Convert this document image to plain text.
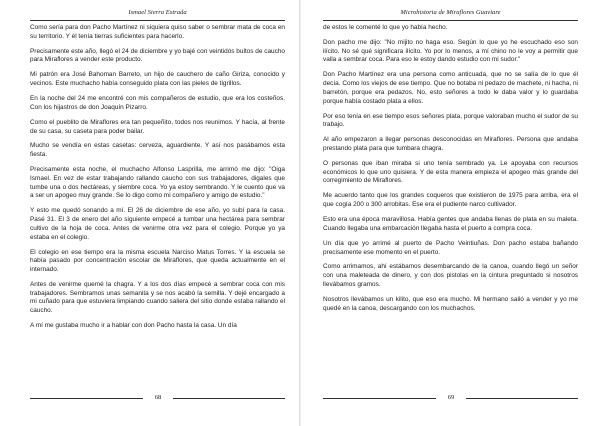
Ismael Sierra Estrada

Como sería para don Pacho Martínez ni siquiera quiso saber o sembrar mata de coca en su territorio. Y él tenía tierras suficientes para hacerlo.

Precisamente este año, llegó el 24 de diciembre y yo bajé con veintidós bultos de caucho para Miraflores a vender este producto.

Mi patrón era José Bahoman Barreto, un hijo de cauchero de caño Giriza, conocido y vecinos. Este muchacho había conseguido plata con las pieles de tigrillos.

En la noche del 24 me encontré con mis compañeros de estudio, que era los costeños. Con los hijastros de don Joaquín Pizarro.

Como el pueblito de Miraflores era tan pequeñito, todos nos reunimos. Y hacía, al frente de su casa, su caseta para poder bailar.

Mucho se vendía en estas casetas: cerveza, aguardiente. Y así nos pasábamos esta fiesta.

Precisamente esta noche, el muchacho Alfonso Lasprilla, me arrimó me dijo: "Oiga Ismael. En vez de estar trabajando rallando caucho con sus trabajadores, digales que tumbe una o dos hectáreas, y siembre coca. Yo ya estoy sembrando. Y le cuento que va a ser un apogeo muy grande. Se lo digo como mi compañero y amigo de estudio."

Y esto me quedó sonando a mí. El 26 de diciembre de ese año, yo subí para la casa. Pasé 31. El 3 de enero del año siguiente empecé a tumbar una hectárea para sembrar cultivo de la hoja de coca. Antes de venirme otra vez para el colegio. Porque yo ya estaba en el colegio.

El colegio en ese tiempo era la misma escuela Narciso Matus Torres. Y la escuela se había pasado por concentración escolar de Miraflores, que queda actualmente en el internado.

Antes de venirme quemé la chagra. Y a los dos días empecé a sembrar coca con mis trabajadores. Sembramos unas semanita y se nos acabó la semilla. Y dejé encargado a mi cuñado para que estuviera limpiando cuando saliera del sitio donde estaba rallando el caucho.

A mí me gustaba mucho ir a hablar con don Pacho hasta la casa. Un día

68
Microhistoria de Miraflores Guaviare

de estos le comenté lo que yo había hecho.

Don pacho me dijo: "No mijito no haga eso. Según lo que yo he escuchado eso son ilícito. No sé qué significara ilícito. Yo por lo menos, a mí chino no le voy a permitir que valla a sembrar coca. Para eso le estoy dando estudio con mi sudor."

Don Pacho Martínez era una persona como anticuada, que no se salía de lo que él decía. Como los viejos de ese tiempo. Que no botaba ni pedazo de machete, ni hacha, ni barretón, porque era pedazos. No, esto señores a todo le daba valor y lo guardaba porque había costado plata a ellos.

Por eso tenía en ese tiempo esos señores plata, porque valoraban mucho el sudor de su trabajo.

Al año empezaron a llegar personas desconocidas en Miraflores. Persona que andaba prestando plata para que tumbara chagra.

O personas que iban miraba si uno tenía sembrado ya. Le apoyaba con recursos económicos lo que uno quisiera. Y de esta manera empieza el apogeo más grande del corregimiento de Miraflores.

Me acuerdo tanto que los grandes coqueros que existieron de 1975 para arriba, era el que cogía 200 o 300 arrobitas. Ese era el pudiente narco cultivador.

Esto era una época maravillosa. Había gentes que andaba llenas de plata en su maleta. Cuando llegaba una embarcación llegaba hasta el puerto a compra coca.

Un día que yo arrimé al puerto de Pacho Veintiuñas. Don pacho estaba bañando precisamente ese momento en el puerto.

Como arrimamos, ahí estábamos desembarcando de la canoa, cuando llegó un señor con una maleteada de dinero, y con dos pistolas en la cintura preguntado si nosotros llevábamos gramos.

Nosotros llevábamos un kilito, que eso era mucho. Mi hermano salió a vender y yo me quedé en la canoa, descargando con los muchachos.

69
